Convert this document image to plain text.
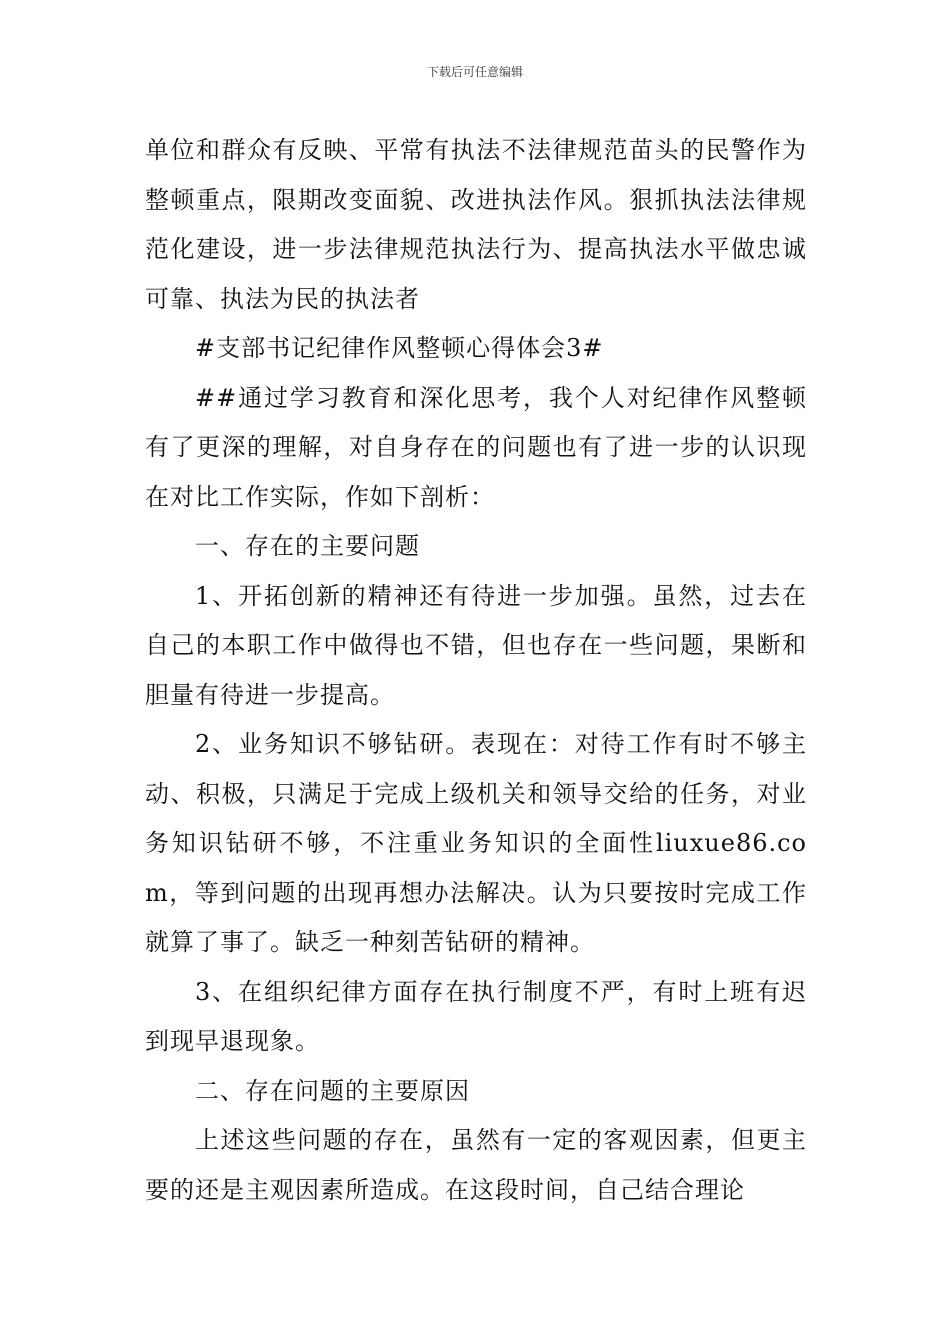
下载后可任意编辑

单位和群众有反映、平常有执法不法律规范苗头的民警作为整顿重点，限期改变面貌、改进执法作风。狠抓执法法律规范化建设，进一步法律规范执法行为、提高执法水平做忠诚可靠、执法为民的执法者

#支部书记纪律作风整顿心得体会3#

##通过学习教育和深化思考，我个人对纪律作风整顿有了更深的理解，对自身存在的问题也有了进一步的认识现在对比工作实际，作如下剖析：

一、存在的主要问题

1、开拓创新的精神还有待进一步加强。虽然，过去在自己的本职工作中做得也不错，但也存在一些问题，果断和胆量有待进一步提高。

2、业务知识不够钻研。表现在：对待工作有时不够主动、积极，只满足于完成上级机关和领导交给的任务，对业务知识钻研不够，不注重业务知识的全面性liuxue86.com，等到问题的出现再想办法解决。认为只要按时完成工作就算了事了。缺乏一种刻苦钻研的精神。

3、在组织纪律方面存在执行制度不严，有时上班有迟到现早退现象。

二、存在问题的主要原因

上述这些问题的存在，虽然有一定的客观因素，但更主要的还是主观因素所造成。在这段时间，自己结合理论
